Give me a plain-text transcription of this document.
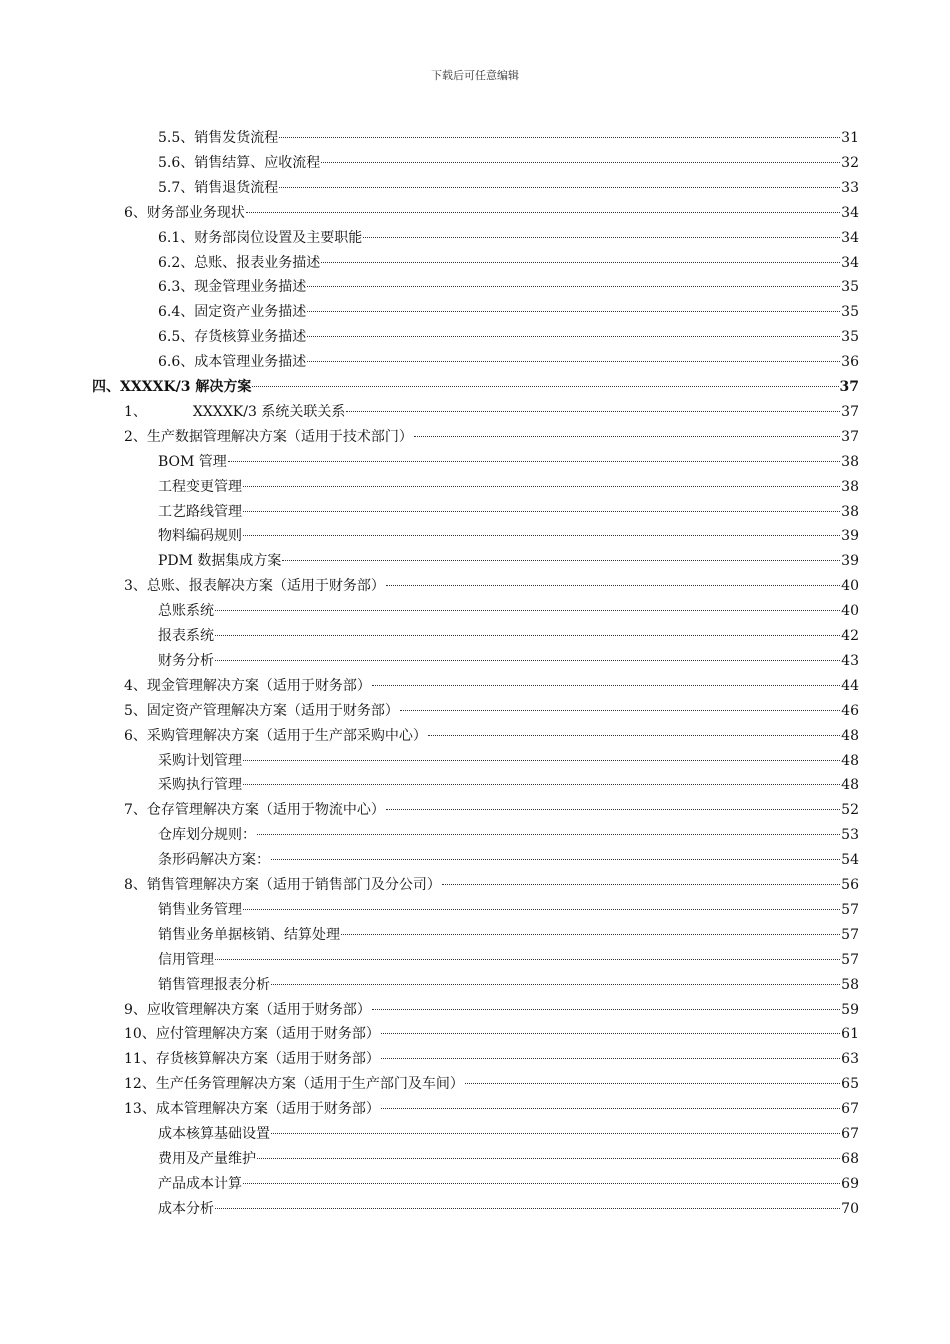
下载后可任意编辑
5.5、销售发货流程	31
5.6、销售结算、应收流程	32
5.7、销售退货流程	33
6、财务部业务现状	34
6.1、财务部岗位设置及主要职能	34
6.2、总账、报表业务描述	34
6.3、现金管理业务描述	35
6.4、固定资产业务描述	35
6.5、存货核算业务描述	35
6.6、成本管理业务描述	36
四、XXXXK/3 解决方案	37
1、	XXXXK/3 系统关联关系	37
2、生产数据管理解决方案（适用于技术部门）	37
BOM 管理	38
工程变更管理	38
工艺路线管理	38
物料编码规则	39
PDM 数据集成方案	39
3、总账、报表解决方案（适用于财务部）	40
总账系统	40
报表系统	42
财务分析	43
4、现金管理解决方案（适用于财务部）	44
5、固定资产管理解决方案（适用于财务部）	46
6、采购管理解决方案（适用于生产部采购中心）	48
采购计划管理	48
采购执行管理	48
7、仓存管理解决方案（适用于物流中心）	52
仓库划分规则：	53
条形码解决方案：	54
8、销售管理解决方案（适用于销售部门及分公司）	56
销售业务管理	57
销售业务单据核销、结算处理	57
信用管理	57
销售管理报表分析	58
9、应收管理解决方案（适用于财务部）	59
10、应付管理解决方案（适用于财务部）	61
11、存货核算解决方案（适用于财务部）	63
12、生产任务管理解决方案（适用于生产部门及车间）	65
13、成本管理解决方案（适用于财务部）	67
成本核算基础设置	67
费用及产量维护	68
产品成本计算	69
成本分析	70
